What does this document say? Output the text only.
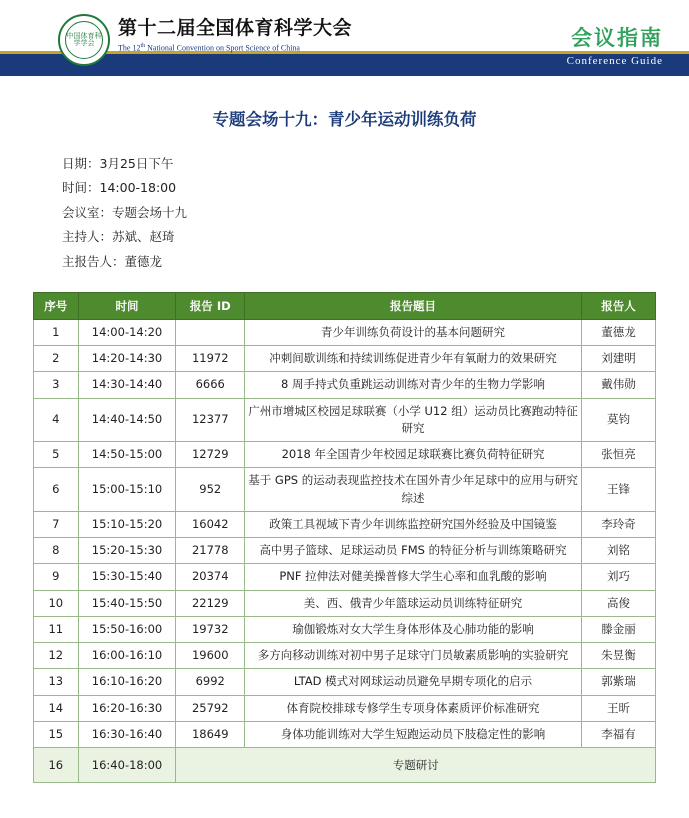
中国体育科学学会
第十二届全国体育科学大会
The 12th National Convention on Sport Science of China	会议指南
Conference Guide
专题会场十九：青少年运动训练负荷
日期：3月25日下午
时间：14:00-18:00
会议室：专题会场十九
主持人：苏斌、赵琦
主报告人：董德龙
序号	时间	报告 ID	报告题目	报告人
1	14:00-14:20		青少年训练负荷设计的基本问题研究	董德龙
2	14:20-14:30	11972	冲刺间歇训练和持续训练促进青少年有氧耐力的效果研究	刘建明
3	14:30-14:40	6666	8 周手持式负重跳运动训练对青少年的生物力学影响	戴伟勋
4	14:40-14:50	12377	广州市增城区校园足球联赛（小学 U12 组）运动员比赛跑动特征研究	莫钧
5	14:50-15:00	12729	2018 年全国青少年校园足球联赛比赛负荷特征研究	张恒亮
6	15:00-15:10	952	基于 GPS 的运动表现监控技术在国外青少年足球中的应用与研究综述	王锋
7	15:10-15:20	16042	政策工具视域下青少年训练监控研究国外经验及中国镜鉴	李玲奇
8	15:20-15:30	21778	高中男子篮球、足球运动员 FMS 的特征分析与训练策略研究	刘铭
9	15:30-15:40	20374	PNF 拉伸法对健美操普修大学生心率和血乳酸的影响	刘巧
10	15:40-15:50	22129	美、西、俄青少年篮球运动员训练特征研究	高俊
11	15:50-16:00	19732	瑜伽锻炼对女大学生身体形体及心肺功能的影响	滕金丽
12	16:00-16:10	19600	多方向移动训练对初中男子足球守门员敏素质影响的实验研究	朱昱衡
13	16:10-16:20	6992	LTAD 模式对网球运动员避免早期专项化的启示	郭紫瑞
14	16:20-16:30	25792	体育院校排球专修学生专项身体素质评价标准研究	王昕
15	16:30-16:40	18649	身体功能训练对大学生短跑运动员下肢稳定性的影响	李福有
16	16:40-18:00	专题研讨		
